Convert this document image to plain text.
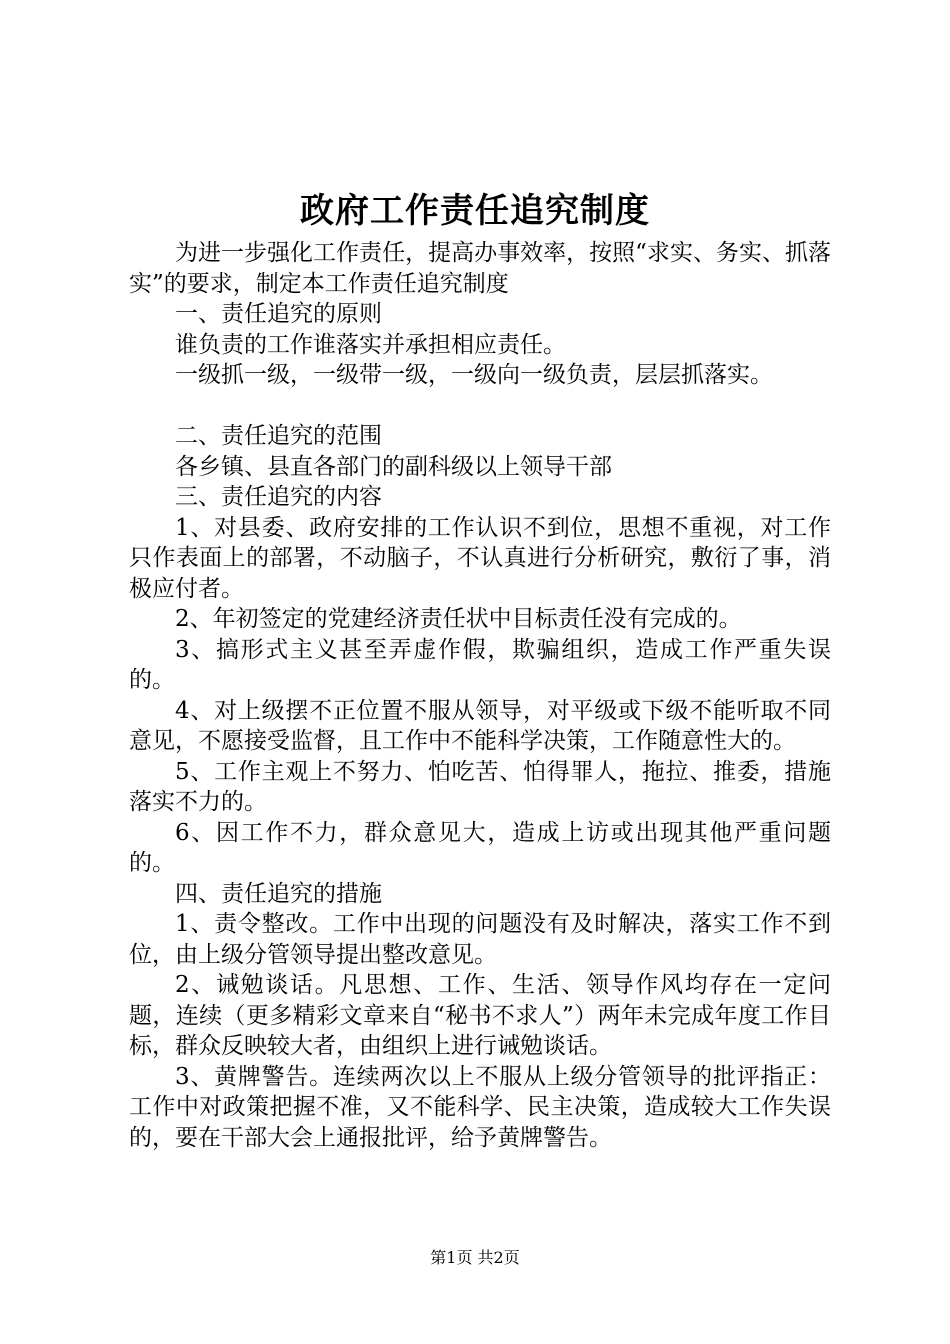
政府工作责任追究制度

为进一步强化工作责任，提高办事效率，按照“求实、务实、抓落实”的要求，制定本工作责任追究制度

一、责任追究的原则

谁负责的工作谁落实并承担相应责任。

一级抓一级，一级带一级，一级向一级负责，层层抓落实。

二、责任追究的范围

各乡镇、县直各部门的副科级以上领导干部

三、责任追究的内容

1、对县委、政府安排的工作认识不到位，思想不重视，对工作只作表面上的部署，不动脑子，不认真进行分析研究，敷衍了事，消极应付者。

2、年初签定的党建经济责任状中目标责任没有完成的。

3、搞形式主义甚至弄虚作假，欺骗组织，造成工作严重失误的。

4、对上级摆不正位置不服从领导，对平级或下级不能听取不同意见，不愿接受监督，且工作中不能科学决策，工作随意性大的。

5、工作主观上不努力、怕吃苦、怕得罪人，拖拉、推委，措施落实不力的。

6、因工作不力，群众意见大，造成上访或出现其他严重问题的。

四、责任追究的措施

1、责令整改。工作中出现的问题没有及时解决，落实工作不到位，由上级分管领导提出整改意见。

2、诫勉谈话。凡思想、工作、生活、领导作风均存在一定问题，连续（更多精彩文章来自“秘书不求人”）两年未完成年度工作目标，群众反映较大者，由组织上进行诫勉谈话。

3、黄牌警告。连续两次以上不服从上级分管领导的批评指正：工作中对政策把握不准，又不能科学、民主决策，造成较大工作失误的，要在干部大会上通报批评，给予黄牌警告。

第1页 共2页
